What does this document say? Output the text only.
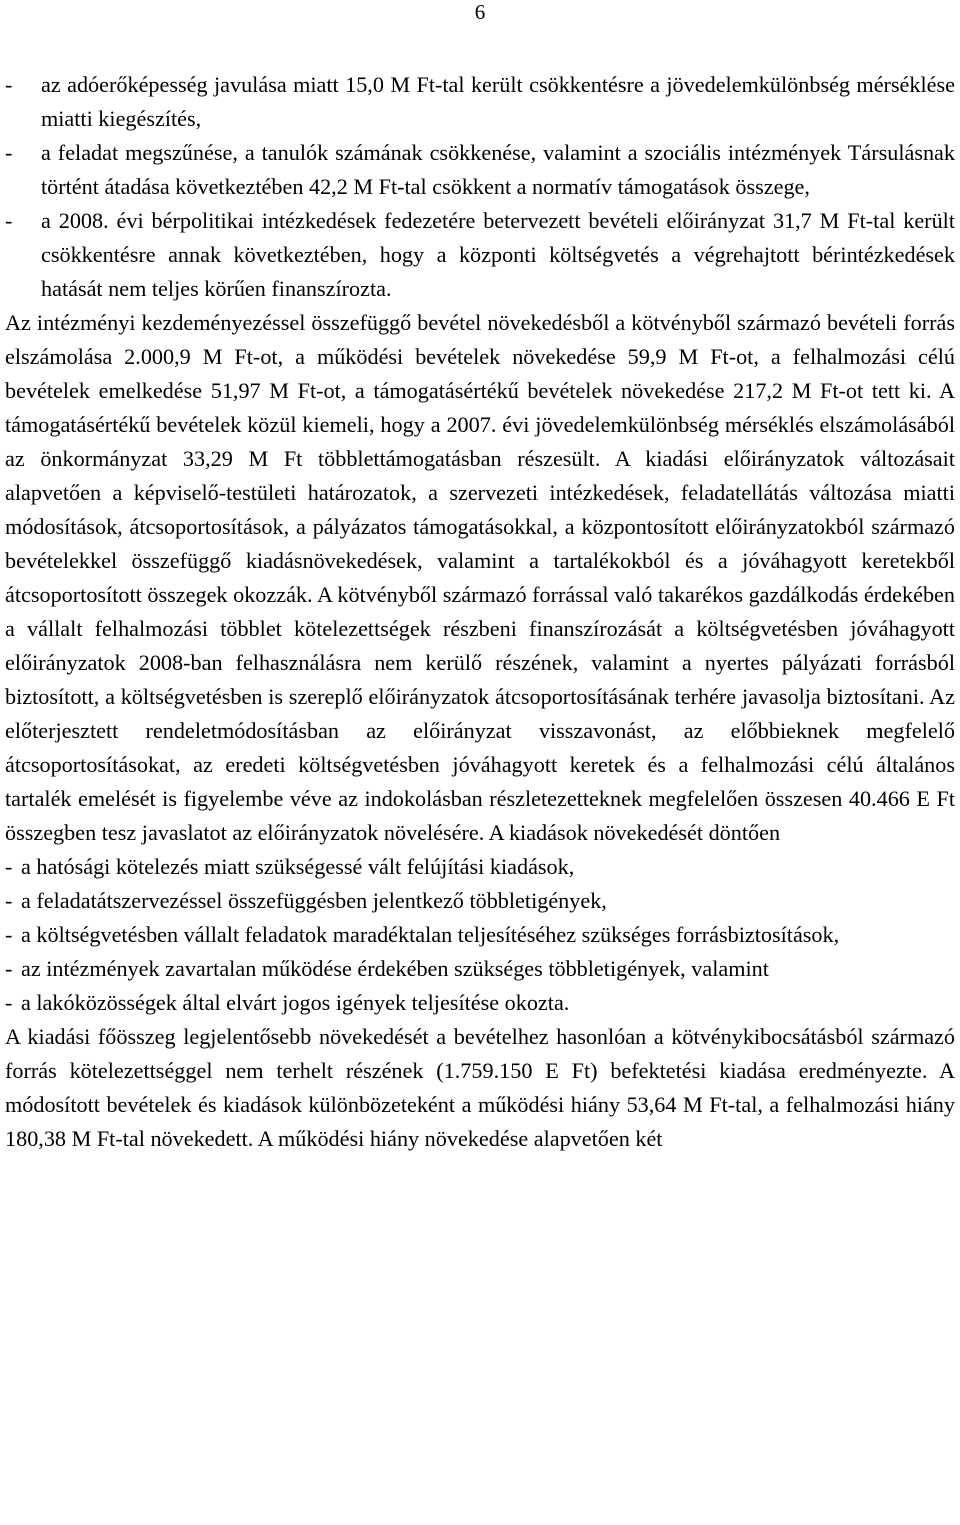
6
- az adóerőképesség javulása miatt 15,0 M Ft-tal került csökkentésre a jövedelemkülönbség mérséklése miatti kiegészítés,
- a feladat megszűnése, a tanulók számának csökkenése, valamint a szociális intézmények Társulásnak történt átadása következtében 42,2 M Ft-tal csökkent a normatív támogatások összege,
- a 2008. évi bérpolitikai intézkedések fedezetére betervezett bevételi előirányzat 31,7 M Ft-tal került csökkentésre annak következtében, hogy a központi költségvetés a végrehajtott bérintézkedések hatását nem teljes körűen finanszírozta.

Az intézményi kezdeményezéssel összefüggő bevétel növekedésből a kötvényből származó bevételi forrás elszámolása 2.000,9 M Ft-ot, a működési bevételek növekedése 59,9 M Ft-ot, a felhalmozási célú bevételek emelkedése 51,97 M Ft-ot, a támogatásértékű bevételek növekedése 217,2 M Ft-ot tett ki. A támogatásértékű bevételek közül kiemeli, hogy a 2007. évi jövedelemkülönbség mérséklés elszámolásából az önkormányzat 33,29 M Ft többlettámogatásban részesült. A kiadási előirányzatok változásait alapvetően a képviselő-testületi határozatok, a szervezeti intézkedések, feladatellátás változása miatti módosítások, átcsoportosítások, a pályázatos támogatásokkal, a központosított előirányzatokból származó bevételekkel összefüggő kiadásnövekedések, valamint a tartalékokból és a jóváhagyott keretekből átcsoportosított összegek okozzák. A kötvényből származó forrással való takarékos gazdálkodás érdekében a vállalt felhalmozási többlet kötelezettségek részbeni finanszírozását a költségvetésben jóváhagyott előirányzatok 2008-ban felhasználásra nem kerülő részének, valamint a nyertes pályázati forrásból biztosított, a költségvetésben is szereplő előirányzatok átcsoportosításának terhére javasolja biztosítani. Az előterjesztett rendeletmódosításban az előirányzat visszavonást, az előbbieknek megfelelő átcsoportosításokat, az eredeti költségvetésben jóváhagyott keretek és a felhalmozási célú általános tartalék emelését is figyelembe véve az indokolásban részletezetteknek megfelelően összesen 40.466 E Ft összegben tesz javaslatot az előirányzatok növelésére. A kiadások növekedését döntően

- a hatósági kötelezés miatt szükségessé vált felújítási kiadások,
- a feladatátszervezéssel összefüggésben jelentkező többletigények,
- a költségvetésben vállalt feladatok maradéktalan teljesítéséhez szükséges forrásbiztosítások,
- az intézmények zavartalan működése érdekében szükséges többletigények, valamint
- a lakóközösségek által elvárt jogos igények teljesítése okozta.

A kiadási főösszeg legjelentősebb növekedését a bevételhez hasonlóan a kötvénykibocsátásból származó forrás kötelezettséggel nem terhelt részének (1.759.150 E Ft) befektetési kiadása eredményezte. A módosított bevételek és kiadások különbözeteként a működési hiány 53,64 M Ft-tal, a felhalmozási hiány 180,38 M Ft-tal növekedett. A működési hiány növekedése alapvetően két
